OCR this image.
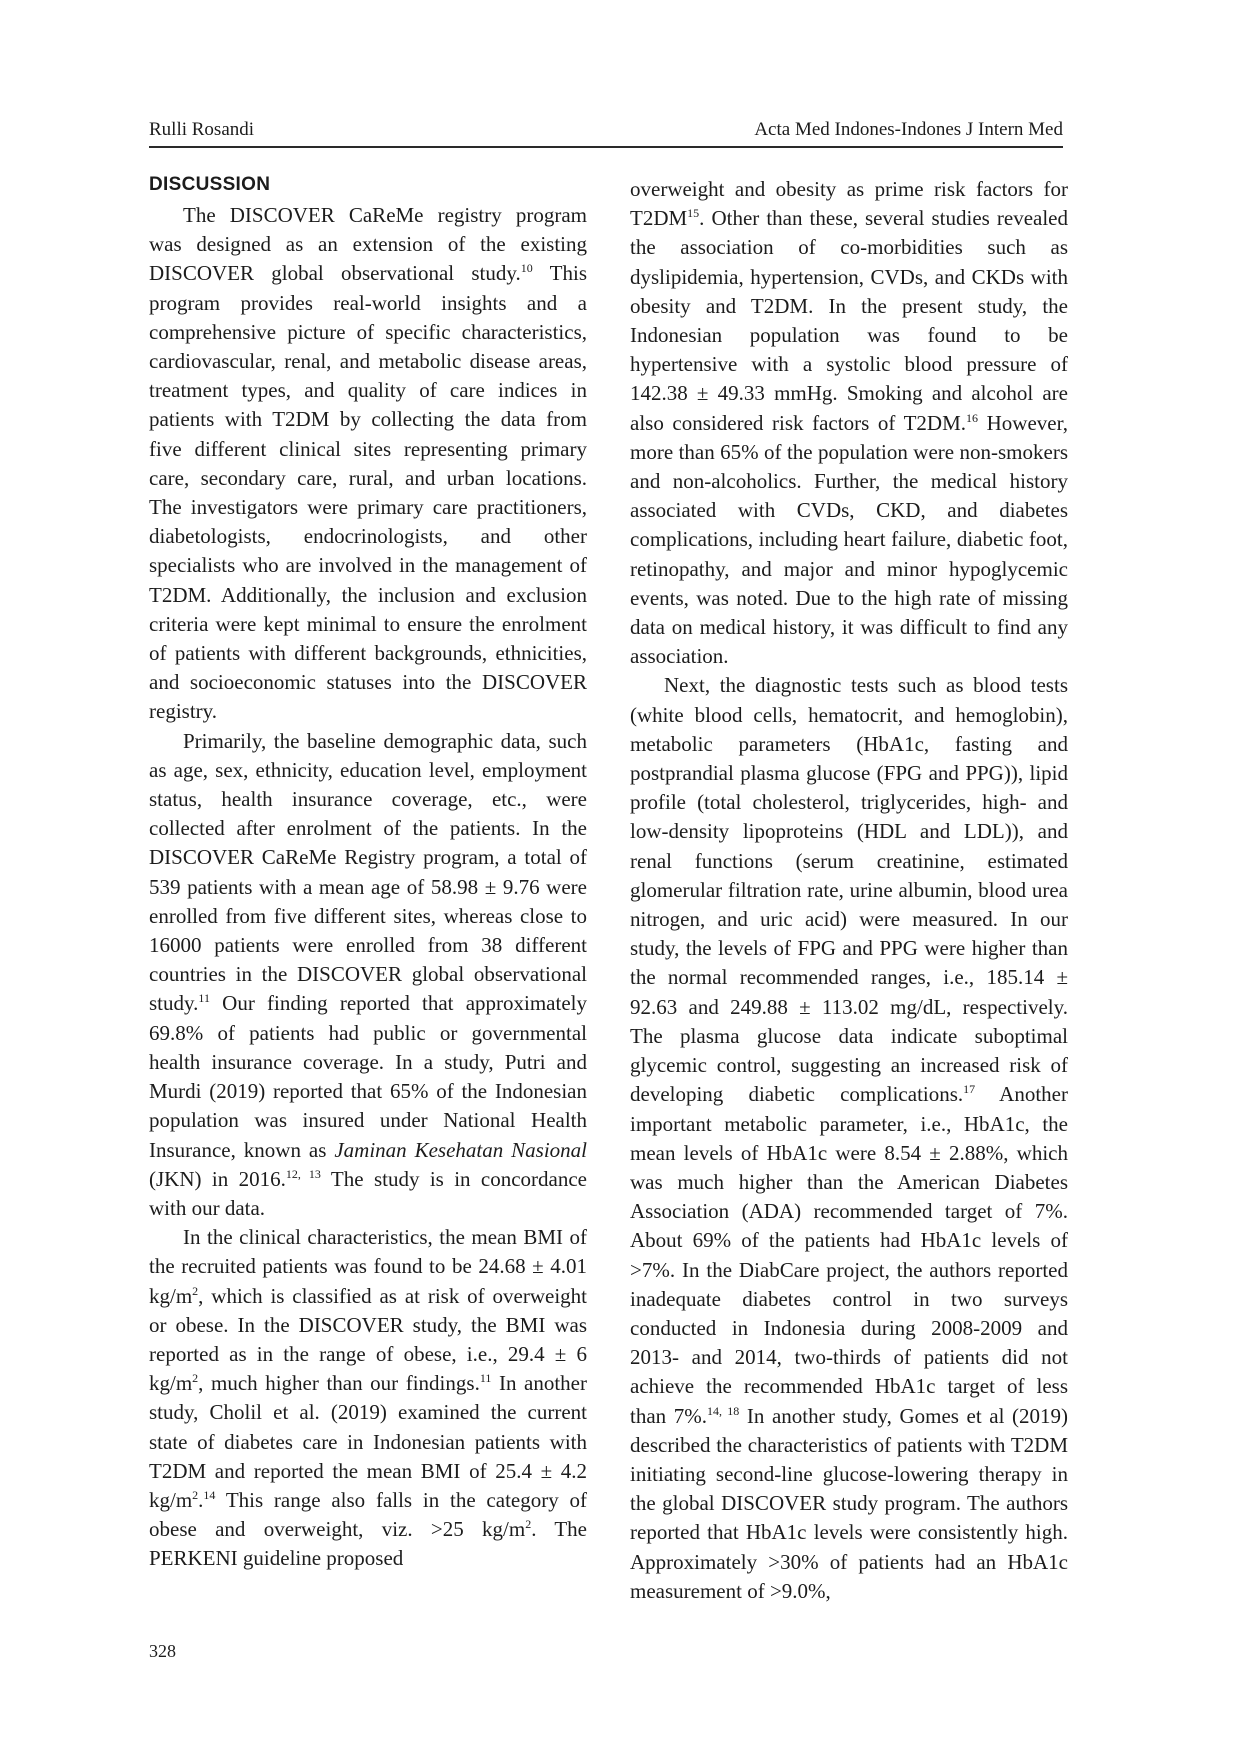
Rulli Rosandi	Acta Med Indones-Indones J Intern Med
DISCUSSION

The DISCOVER CaReMe registry program was designed as an extension of the existing DISCOVER global observational study.$^{10}$ This program provides real-world insights and a comprehensive picture of specific characteristics, cardiovascular, renal, and metabolic disease areas, treatment types, and quality of care indices in patients with T2DM by collecting the data from five different clinical sites representing primary care, secondary care, rural, and urban locations. The investigators were primary care practitioners, diabetologists, endocrinologists, and other specialists who are involved in the management of T2DM. Additionally, the inclusion and exclusion criteria were kept minimal to ensure the enrolment of patients with different backgrounds, ethnicities, and socioeconomic statuses into the DISCOVER registry.

Primarily, the baseline demographic data, such as age, sex, ethnicity, education level, employment status, health insurance coverage, etc., were collected after enrolment of the patients. In the DISCOVER CaReMe Registry program, a total of 539 patients with a mean age of 58.98 ± 9.76 were enrolled from five different sites, whereas close to 16000 patients were enrolled from 38 different countries in the DISCOVER global observational study.$^{11}$ Our finding reported that approximately 69.8% of patients had public or governmental health insurance coverage. In a study, Putri and Murdi (2019) reported that 65% of the Indonesian population was insured under National Health Insurance, known as Jaminan Kesehatan Nasional (JKN) in 2016.$^{12, 13}$ The study is in concordance with our data.

In the clinical characteristics, the mean BMI of the recruited patients was found to be 24.68 ± 4.01 $kg/m^2$, which is classified as at risk of overweight or obese. In the DISCOVER study, the BMI was reported as in the range of obese, i.e., 29.4 ± 6 $kg/m^2$, much higher than our findings.$^{11}$ In another study, Cholil et al. (2019) examined the current state of diabetes care in Indonesian patients with T2DM and reported the mean BMI of 25.4 ± 4.2 $kg/m^2.^{14}$ This range also falls in the category of obese and overweight, viz. >25 $kg/m^2$. The PERKENI guideline proposed

overweight and obesity as prime risk factors for T2DM$^{15}$. Other than these, several studies revealed the association of co-morbidities such as dyslipidemia, hypertension, CVDs, and CKDs with obesity and T2DM. In the present study, the Indonesian population was found to be hypertensive with a systolic blood pressure of 142.38 ± 49.33 mmHg. Smoking and alcohol are also considered risk factors of T2DM.$^{16}$ However, more than 65% of the population were non-smokers and non-alcoholics. Further, the medical history associated with CVDs, CKD, and diabetes complications, including heart failure, diabetic foot, retinopathy, and major and minor hypoglycemic events, was noted. Due to the high rate of missing data on medical history, it was difficult to find any association.

Next, the diagnostic tests such as blood tests (white blood cells, hematocrit, and hemoglobin), metabolic parameters (HbA1c, fasting and postprandial plasma glucose (FPG and PPG)), lipid profile (total cholesterol, triglycerides, high- and low-density lipoproteins (HDL and LDL)), and renal functions (serum creatinine, estimated glomerular filtration rate, urine albumin, blood urea nitrogen, and uric acid) were measured. In our study, the levels of FPG and PPG were higher than the normal recommended ranges, i.e., 185.14 ± 92.63 and 249.88 ± 113.02 mg/dL, respectively. The plasma glucose data indicate suboptimal glycemic control, suggesting an increased risk of developing diabetic complications.$^{17}$ Another important metabolic parameter, i.e., HbA1c, the mean levels of HbA1c were 8.54 ± 2.88%, which was much higher than the American Diabetes Association (ADA) recommended target of 7%. About 69% of the patients had HbA1c levels of >7%. In the DiabCare project, the authors reported inadequate diabetes control in two surveys conducted in Indonesia during 2008-2009 and 2013- and 2014, two-thirds of patients did not achieve the recommended HbA1c target of less than 7%.$^{14, 18}$ In another study, Gomes et al (2019) described the characteristics of patients with T2DM initiating second-line glucose-lowering therapy in the global DISCOVER study program. The authors reported that HbA1c levels were consistently high. Approximately >30% of patients had an HbA1c measurement of >9.0%,

328
